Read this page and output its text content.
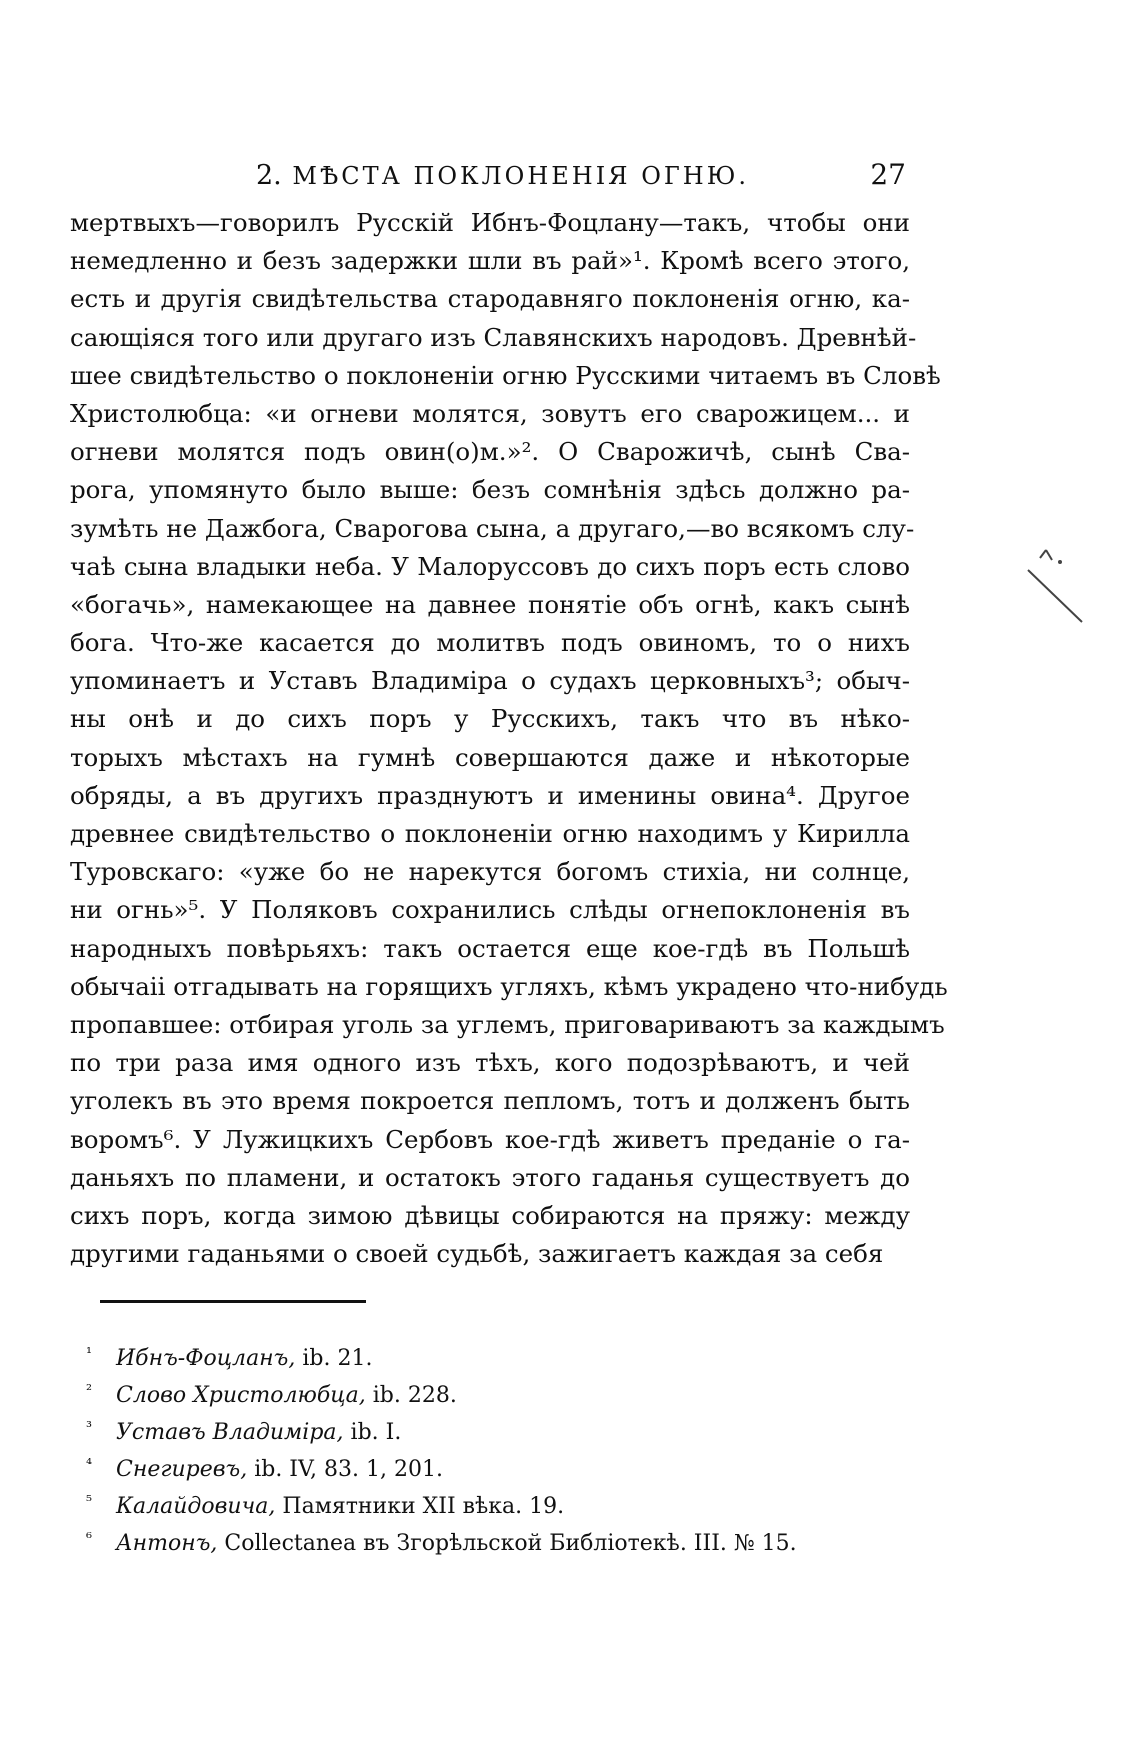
2. МѢСТА ПОКЛОНЕНІЯ ОГНЮ.	27
мертвыхъ—говорилъ Русскій Ибнъ-Фоцлану—такъ, чтобы они
немедленно и безъ задержки шли въ рай»¹. Кромѣ всего этого,
есть и другія свидѣтельства стародавняго поклоненія огню, ка-
сающіяся того или другаго изъ Славянскихъ народовъ. Древнѣй-
шее свидѣтельство о поклоненіи огню Русскими читаемъ въ Словѣ
Христолюбца: «и огневи молятся, зовутъ его сварожицем... и
огневи молятся подъ овин(о)м.»². О Сварожичѣ, сынѣ Сва-
рога, упомянуто было выше: безъ сомнѣнія здѣсь должно ра-
зумѣть не Дажбога, Сварогова сына, а другаго,—во всякомъ слу-
чаѣ сына владыки неба. У Малоруссовъ до сихъ поръ есть слово
«богачь», намекающее на давнее понятіе объ огнѣ, какъ сынѣ
бога. Что-же касается до молитвъ подъ овиномъ, то о нихъ
упоминаетъ и Уставъ Владиміра о судахъ церковныхъ³; обыч-
ны онѣ и до сихъ поръ у Русскихъ, такъ что въ нѣко-
торыхъ мѣстахъ на гумнѣ совершаются даже и нѣкоторые
обряды, а въ другихъ празднуютъ и именины овина⁴. Другое
древнее свидѣтельство о поклоненіи огню находимъ у Кирилла
Туровскаго: «уже бо не нарекутся богомъ стихіа, ни солнце,
ни огнь»⁵. У Поляковъ сохранились слѣды огнепоклоненія въ
народныхъ повѣрьяхъ: такъ остается еще кое-гдѣ въ Польшѣ
обычаіі отгадывать на горящихъ угляхъ, кѣмъ украдено что-нибудь
пропавшее: отбирая уголь за углемъ, приговариваютъ за каждымъ
по три раза имя одного изъ тѣхъ, кого подозрѣваютъ, и чей
уголекъ въ это время покроется пепломъ, тотъ и долженъ быть
воромъ⁶. У Лужицкихъ Сербовъ кое-гдѣ живетъ преданіе о га-
даньяхъ по пламени, и остатокъ этого гаданья существуетъ до
сихъ поръ, когда зимою дѣвицы собираются на пряжу: между
другими гаданьями о своей судьбѣ, зажигаетъ каждая за себя
¹ Ибнъ-Фоцланъ, ib. 21.
² Слово Христолюбца, ib. 228.
³ Уставъ Владиміра, ib. I.
⁴ Снегиревъ, ib. IV, 83. 1, 201.
⁵ Калайдовича, Памятники XII вѣка. 19.
⁶ Антонъ, Collectanea въ Згорѣльской Библіотекѣ. III. № 15.
